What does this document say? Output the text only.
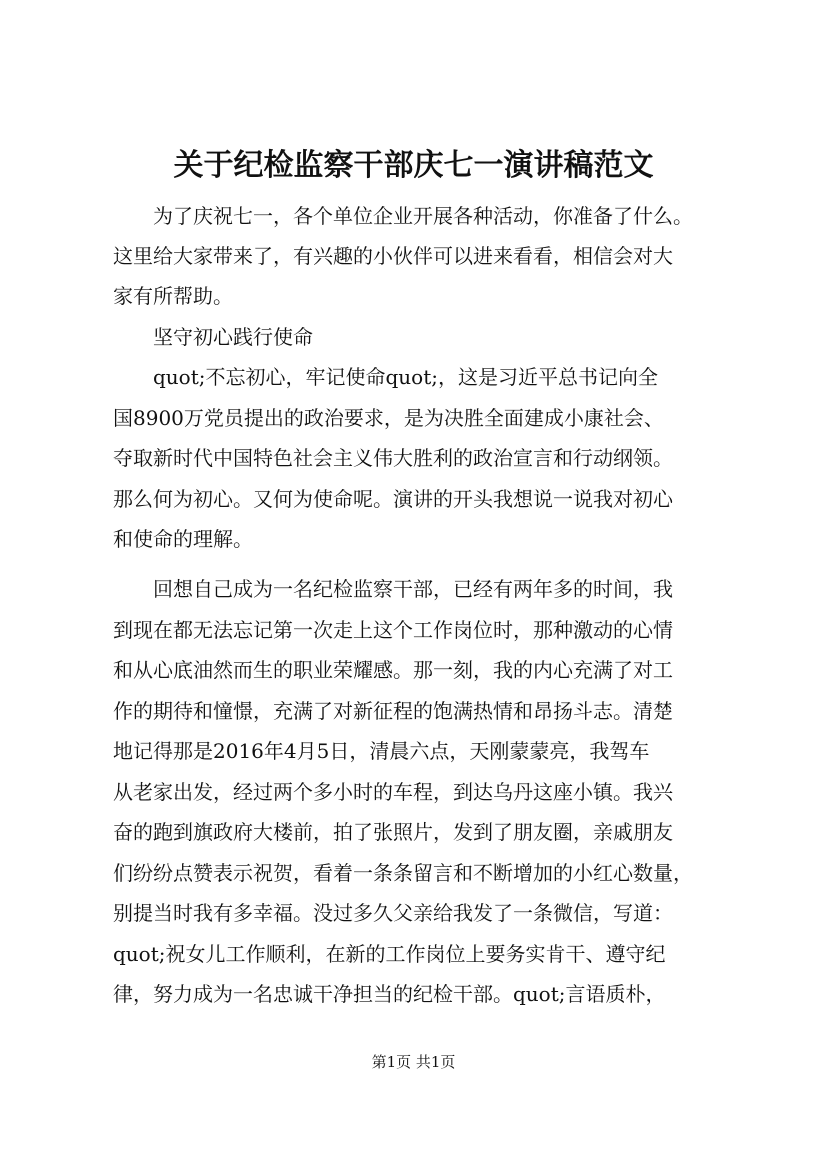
关于纪检监察干部庆七一演讲稿范文

为了庆祝七一，各个单位企业开展各种活动，你准备了什么。

这里给大家带来了，有兴趣的小伙伴可以进来看看，相信会对大

家有所帮助。

坚守初心践行使命

quot;不忘初心，牢记使命quot;，这是习近平总书记向全

国8900万党员提出的政治要求，是为决胜全面建成小康社会、

夺取新时代中国特色社会主义伟大胜利的政治宣言和行动纲领。

那么何为初心。又何为使命呢。演讲的开头我想说一说我对初心

和使命的理解。

回想自己成为一名纪检监察干部，已经有两年多的时间，我

到现在都无法忘记第一次走上这个工作岗位时，那种激动的心情

和从心底油然而生的职业荣耀感。那一刻，我的内心充满了对工

作的期待和憧憬，充满了对新征程的饱满热情和昂扬斗志。清楚

地记得那是2016年4月5日，清晨六点，天刚蒙蒙亮，我驾车

从老家出发，经过两个多小时的车程，到达乌丹这座小镇。我兴

奋的跑到旗政府大楼前，拍了张照片，发到了朋友圈，亲戚朋友

们纷纷点赞表示祝贺，看着一条条留言和不断增加的小红心数量，

别提当时我有多幸福。没过多久父亲给我发了一条微信，写道：

quot;祝女儿工作顺利，在新的工作岗位上要务实肯干、遵守纪

律，努力成为一名忠诚干净担当的纪检干部。quot;言语质朴，

第1页 共1页
